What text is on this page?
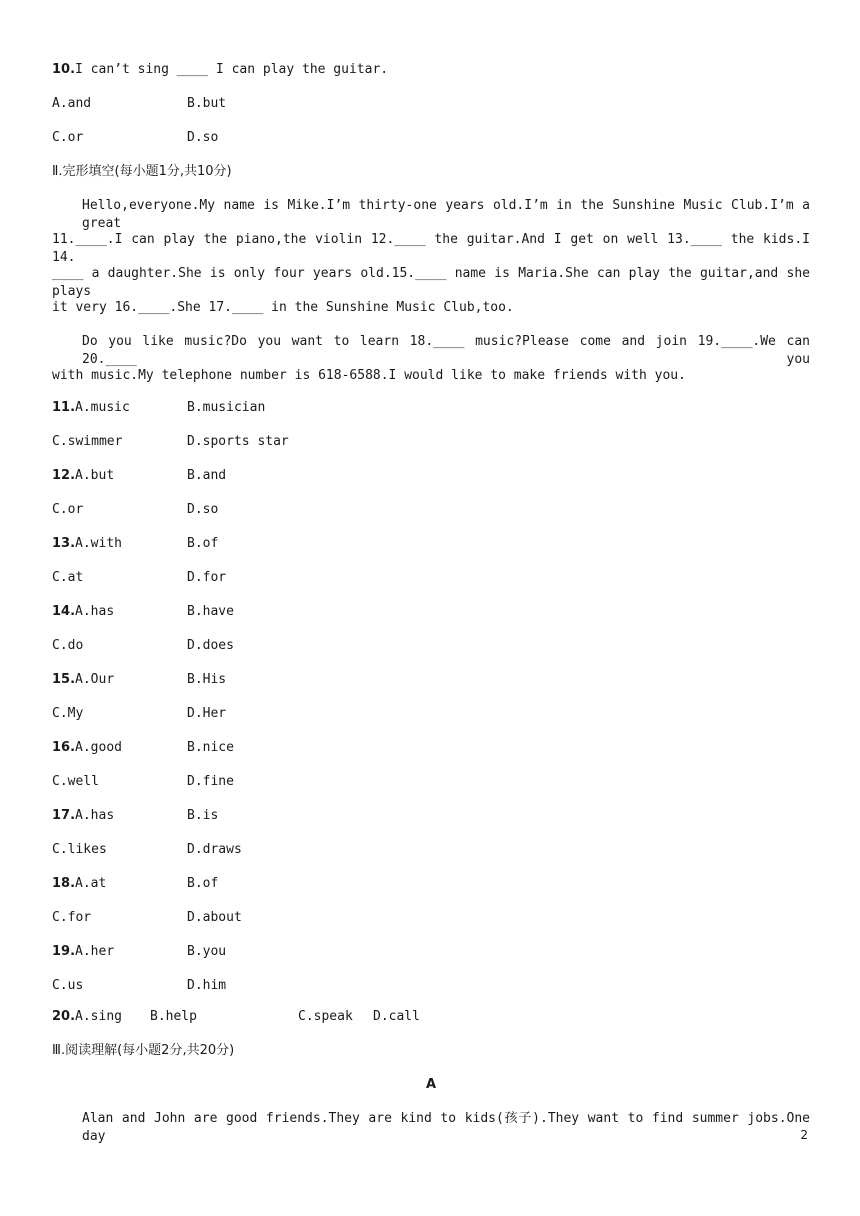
10.I can’t sing ____ I can play the guitar.
A.and	B.but
C.or	D.so
Ⅱ.完形填空(每小题1分,共10分)
Hello,everyone.My name is Mike.I’m thirty-one years old.I’m in the Sunshine Music Club.I’m a great
11.____.I can play the piano,the violin 12.____ the guitar.And I get on well 13.____ the kids.I 14.
____ a daughter.She is only four years old.15.____ name is Maria.She can play the guitar,and she plays
it very 16.____.She 17.____ in the Sunshine Music Club,too.
Do you like music?Do you want to learn 18.____ music?Please come and join 19.____.We can 20.____ you
with music.My telephone number is 618-6588.I would like to make friends with you.
11.A.music	B.musician
C.swimmer	D.sports star
12.A.but	B.and
C.or	D.so
13.A.with	B.of
C.at	D.for
14.A.has	B.have
C.do	D.does
15.A.Our	B.His
C.My	D.Her
16.A.good	B.nice
C.well	D.fine
17.A.has	B.is
C.likes	D.draws
18.A.at	B.of
C.for	D.about
19.A.her	B.you
C.us	D.him
20.A.sing B.help	C.speak D.call
Ⅲ.阅读理解(每小题2分,共20分)
A
Alan and John are good friends.They are kind to kids(孩子).They want to find summer jobs.One day	2
